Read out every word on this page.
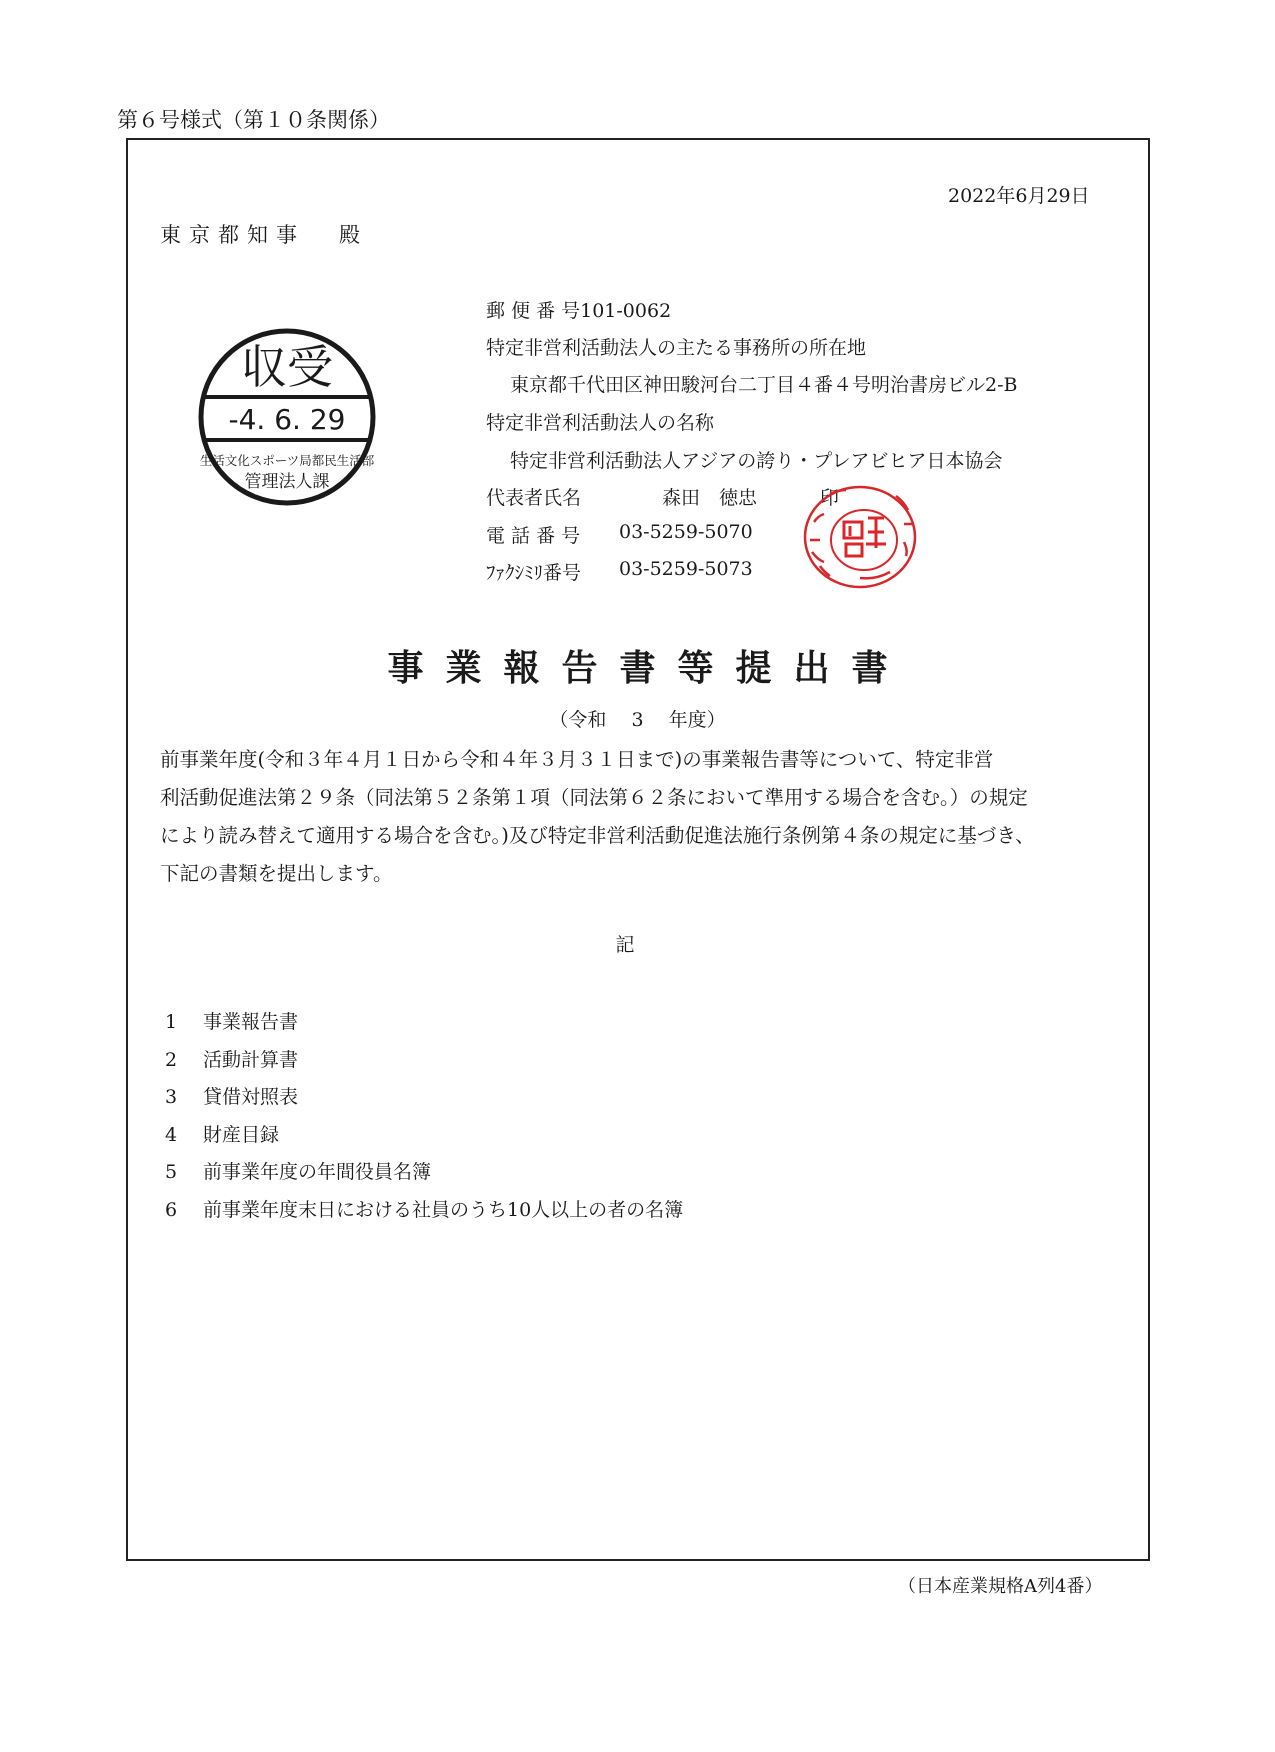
第６号様式（第１０条関係）
2022年6月29日
東京都知事 殿
収受
-4. 6. 29
生活文化スポーツ局都民生活部
管理法人課
郵 便 番 号101-0062
特定非営利活動法人の主たる事務所の所在地
東京都千代田区神田駿河台二丁目４番４号明治書房ビル2-B
特定非営利活動法人の名称
特定非営利活動法人アジアの誇り・プレアビヒア日本協会
代表者氏名	森田　徳忠	印
電 話 番 号 03-5259-5070
ﾌｧｸｼﾐﾘ番号 03-5259-5073
事業報告書等提出書
（令和　 3　 年度）

前事業年度(令和３年４月１日から令和４年３月３１日まで)の事業報告書等について、特定非営

利活動促進法第２９条（同法第５２条第１項（同法第６２条において準用する場合を含む。）の規定

により読み替えて適用する場合を含む。)及び特定非営利活動促進法施行条例第４条の規定に基づき、

下記の書類を提出します。

記
1 事業報告書
2 活動計算書
3 貸借対照表
4 財産目録
5 前事業年度の年間役員名簿
6 前事業年度末日における社員のうち10人以上の者の名簿
（日本産業規格A列4番）
